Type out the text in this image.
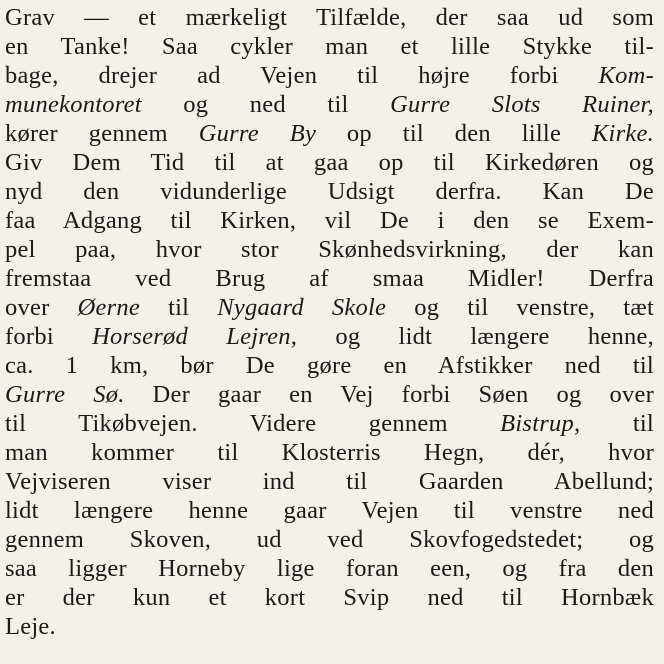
Grav — et mærkeligt Tilfælde, der saa ud som
en Tanke! Saa cykler man et lille Stykke til-
bage, drejer ad Vejen til højre forbi Kom-
munekontoret og ned til Gurre Slots Ruiner,
kører gennem Gurre By op til den lille Kirke.
Giv Dem Tid til at gaa op til Kirkedøren og
nyd den vidunderlige Udsigt derfra. Kan De
faa Adgang til Kirken, vil De i den se Exem-
pel paa, hvor stor Skønhedsvirkning, der kan
fremstaa ved Brug af smaa Midler! Derfra
over Øerne til Nygaard Skole og til venstre, tæt
forbi Horserød Lejren, og lidt længere henne,
ca. 1 km, bør De gøre en Afstikker ned til
Gurre Sø. Der gaar en Vej forbi Søen og over
til Tikøbvejen. Videre gennem Bistrup, til
man kommer til Klosterris Hegn, dér, hvor
Vejviseren viser ind til Gaarden Abellund;
lidt længere henne gaar Vejen til venstre ned
gennem Skoven, ud ved Skovfogedstedet; og
saa ligger Horneby lige foran een, og fra den
er der kun et kort Svip ned til Hornbæk
Leje.
